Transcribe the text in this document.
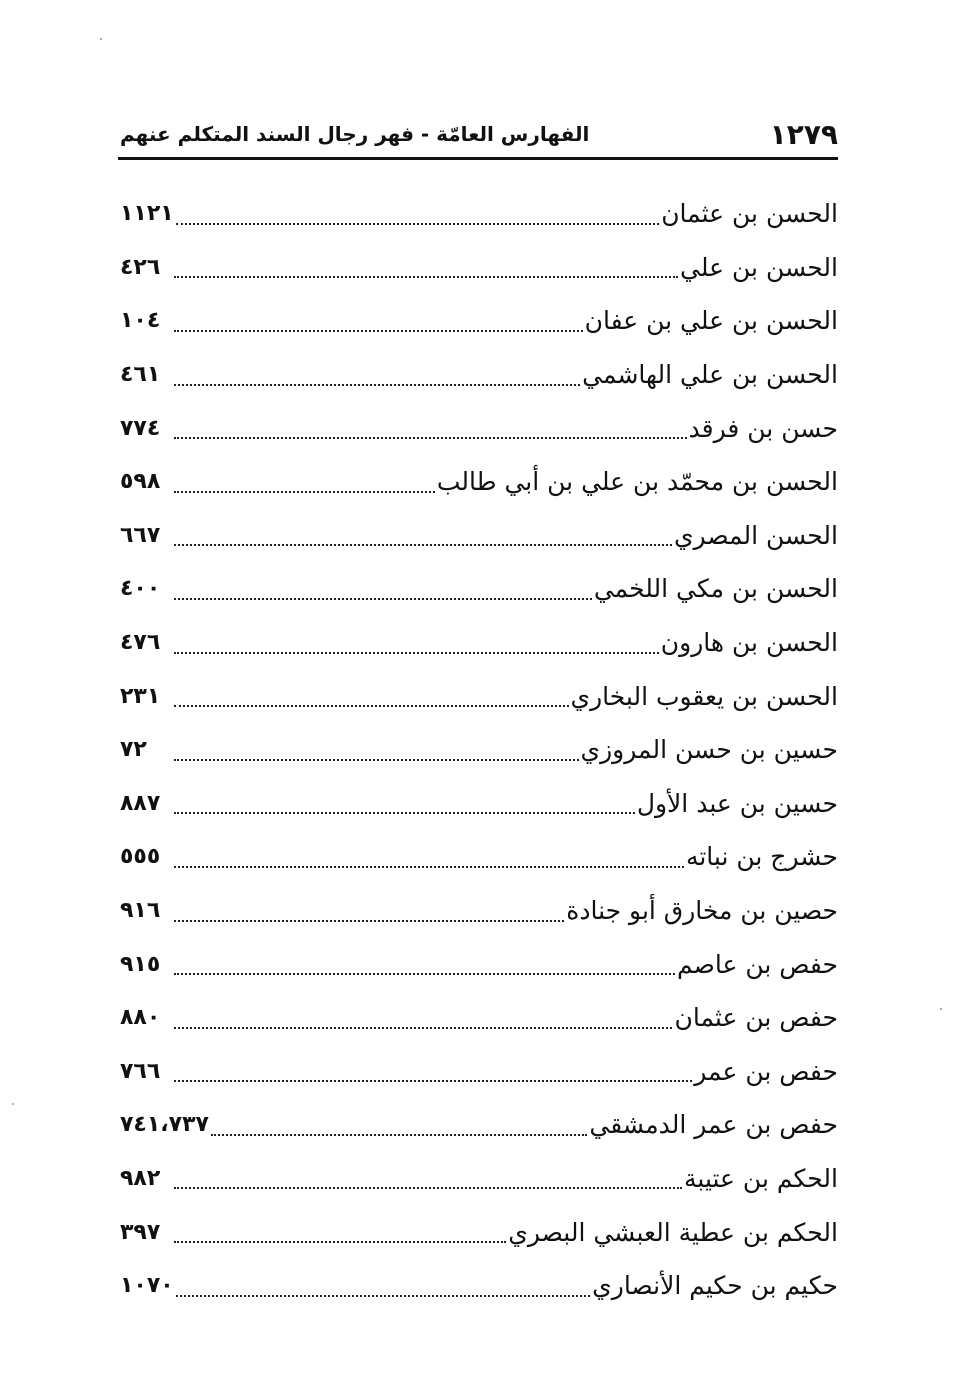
١٢٧٩
الفهارس العامّة - فهر رجال السند المتكلم عنهم
الحسن بن عثمان
١١٢١
الحسن بن علي
٤٢٦
الحسن بن علي بن عفان
١٠٤
الحسن بن علي الهاشمي
٤٦١
حسن بن فرقد
٧٧٤
الحسن بن محمّد بن علي بن أبي طالب
٥٩٨
الحسن المصري
٦٦٧
الحسن بن مكي اللخمي
٤٠٠
الحسن بن هارون
٤٧٦
الحسن بن يعقوب البخاري
٢٣١
حسين بن حسن المروزي
٧٢
حسين بن عبد الأول
٨٨٧
حشرج بن نباته
٥٥٥
حصين بن مخارق أبو جنادة
٩١٦
حفص بن عاصم
٩١٥
حفص بن عثمان
٨٨٠
حفص بن عمر
٧٦٦
حفص بن عمر الدمشقي
٧٤١،٧٣٧
الحكم بن عتيبة
٩٨٢
الحكم بن عطية العبشي البصري
٣٩٧
حكيم بن حكيم الأنصاري
١٠٧٠
